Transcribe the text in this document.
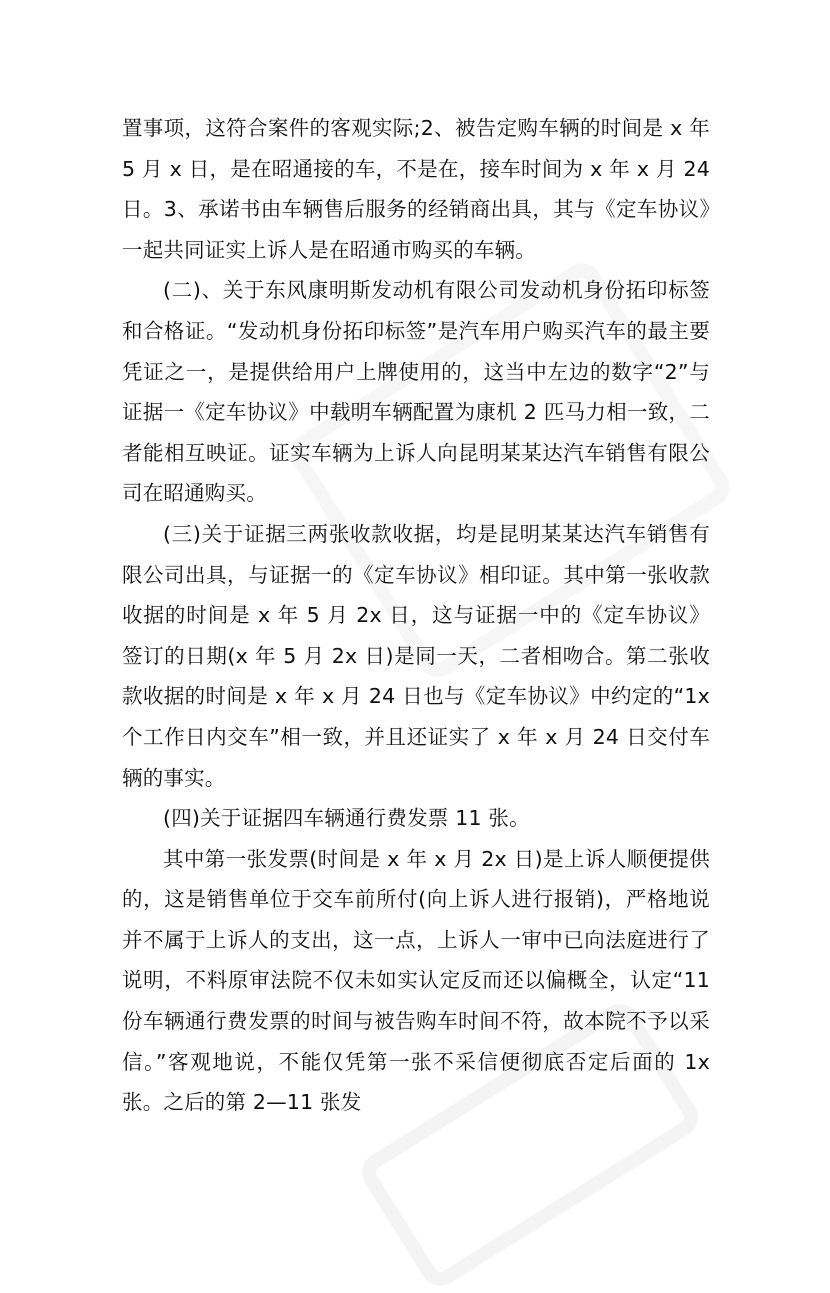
置事项，这符合案件的客观实际;2、被告定购车辆的时间是 x 年 5 月 x 日，是在昭通接的车，不是在，接车时间为 x 年 x 月 24 日。3、承诺书由车辆售后服务的经销商出具，其与《定车协议》一起共同证实上诉人是在昭通市购买的车辆。

(二)、关于东风康明斯发动机有限公司发动机身份拓印标签和合格证。“发动机身份拓印标签”是汽车用户购买汽车的最主要凭证之一，是提供给用户上牌使用的，这当中左边的数字“2”与证据一《定车协议》中载明车辆配置为康机 2 匹马力相一致，二者能相互映证。证实车辆为上诉人向昆明某某达汽车销售有限公司在昭通购买。

(三)关于证据三两张收款收据，均是昆明某某达汽车销售有限公司出具，与证据一的《定车协议》相印证。其中第一张收款收据的时间是 x 年 5 月 2x 日，这与证据一中的《定车协议》签订的日期(x 年 5 月 2x 日)是同一天，二者相吻合。第二张收款收据的时间是 x 年 x 月 24 日也与《定车协议》中约定的“1x 个工作日内交车”相一致，并且还证实了 x 年 x 月 24 日交付车辆的事实。

(四)关于证据四车辆通行费发票 11 张。

其中第一张发票(时间是 x 年 x 月 2x 日)是上诉人顺便提供的，这是销售单位于交车前所付(向上诉人进行报销)，严格地说并不属于上诉人的支出，这一点，上诉人一审中已向法庭进行了说明，不料原审法院不仅未如实认定反而还以偏概全，认定“11 份车辆通行费发票的时间与被告购车时间不符，故本院不予以采信。”客观地说，不能仅凭第一张不采信便彻底否定后面的 1x 张。之后的第 2—11 张发
